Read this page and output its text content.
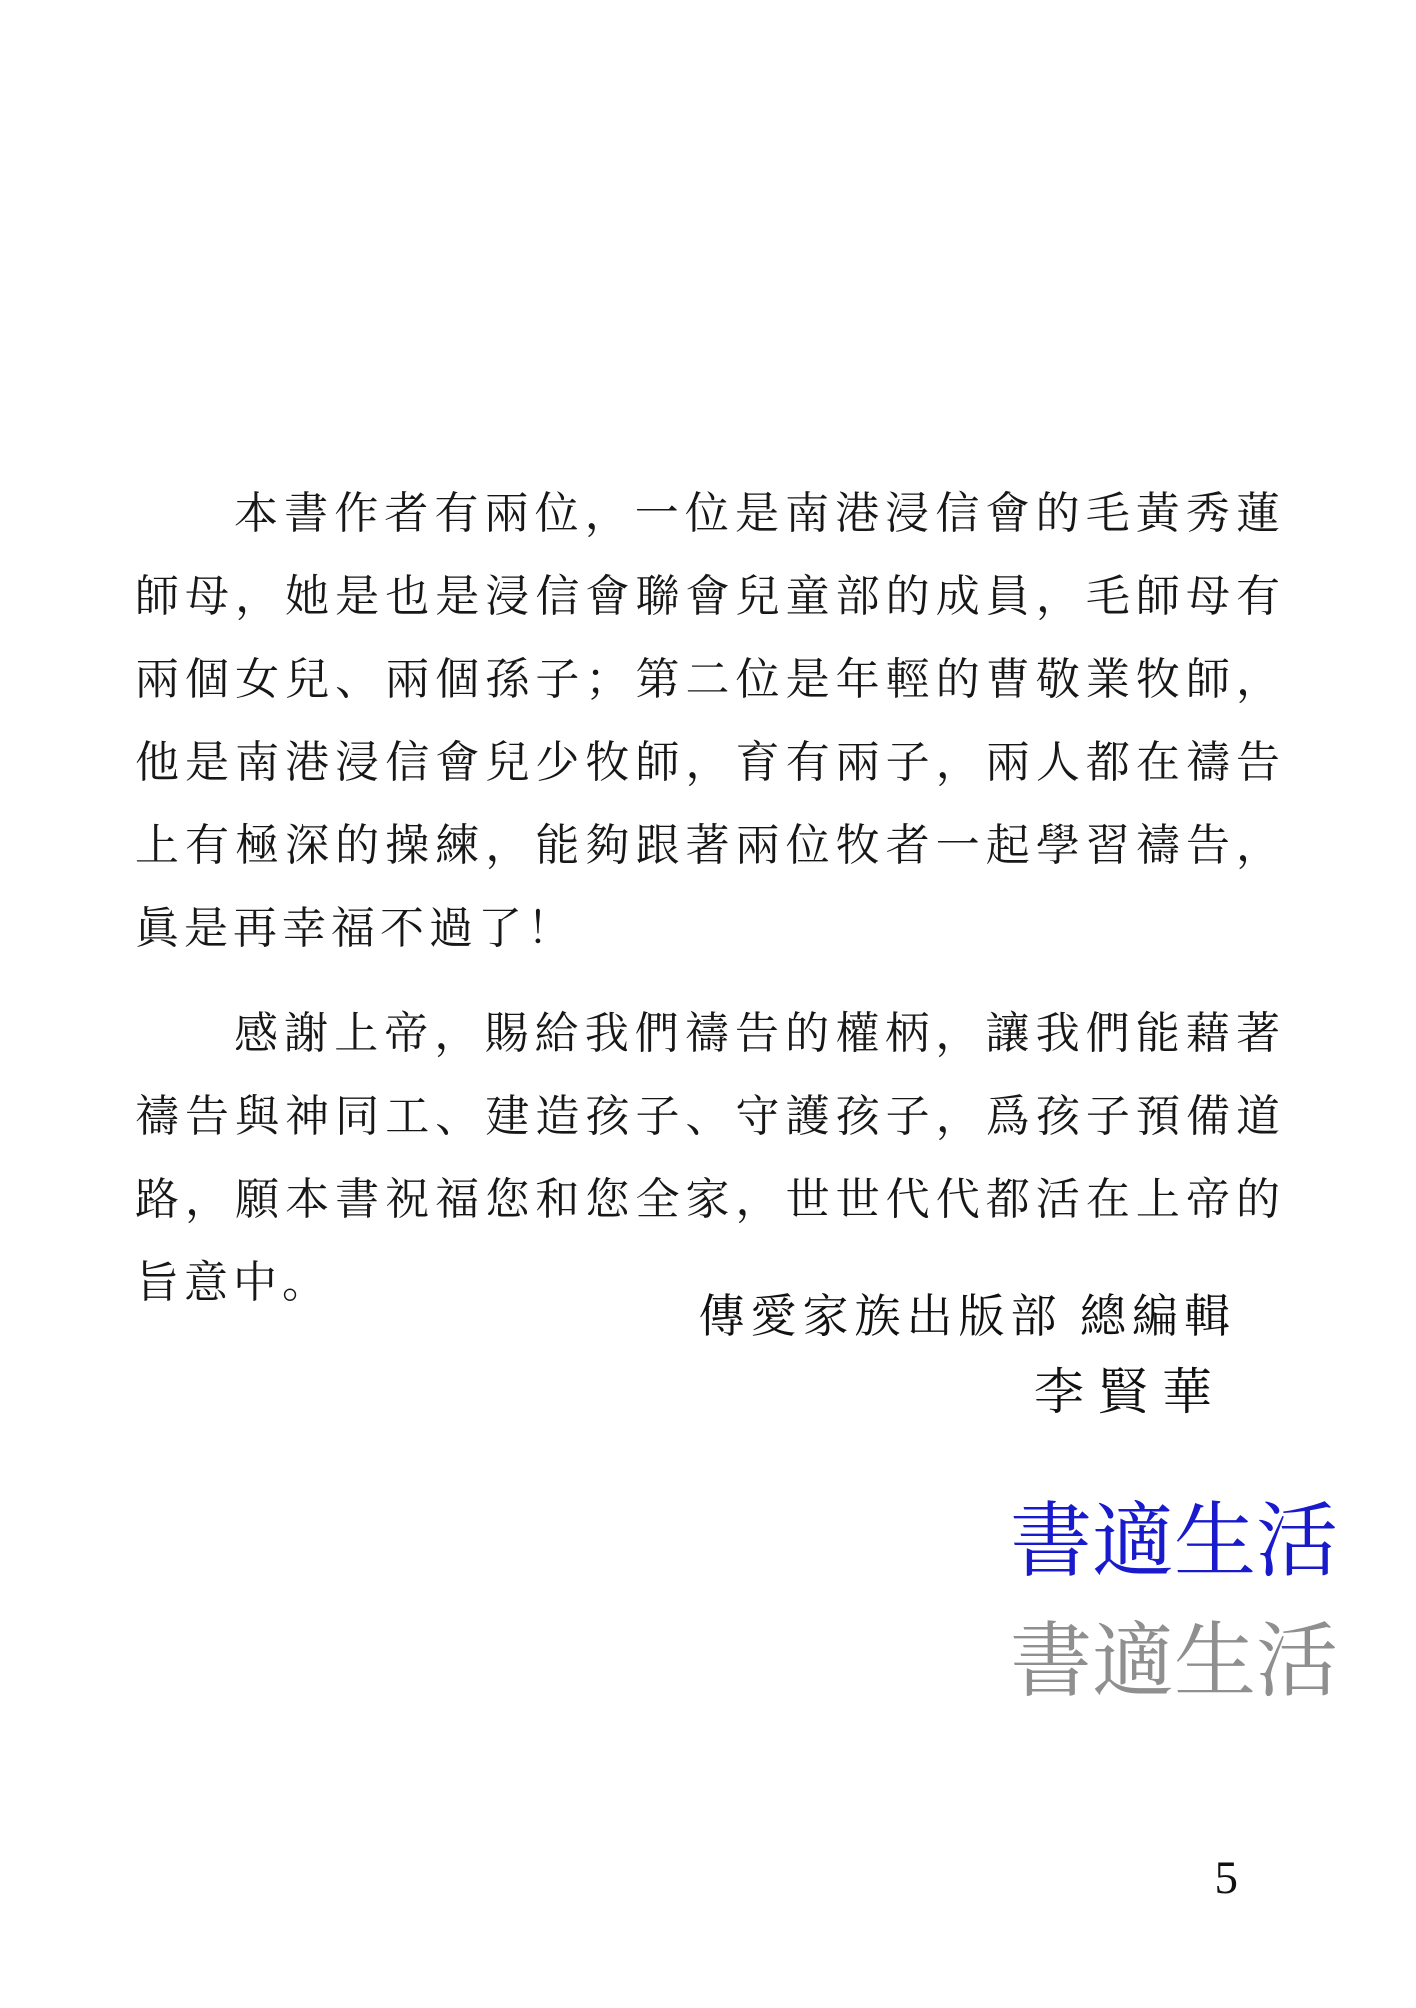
本書作者有兩位，一位是南港浸信會的毛黃秀蓮師母，她是也是浸信會聯會兒童部的成員，毛師母有兩個女兒、兩個孫子；第二位是年輕的曹敬業牧師，他是南港浸信會兒少牧師，育有兩子，兩人都在禱告上有極深的操練，能夠跟著兩位牧者一起學習禱告，眞是再幸福不過了！

感謝上帝，賜給我們禱告的權柄，讓我們能藉著禱告與神同工、建造孩子、守護孩子，爲孩子預備道路，願本書祝福您和您全家，世世代代都活在上帝的旨意中。

傳愛家族出版部 總編輯
李賢華
書適生活
書適生活
5
